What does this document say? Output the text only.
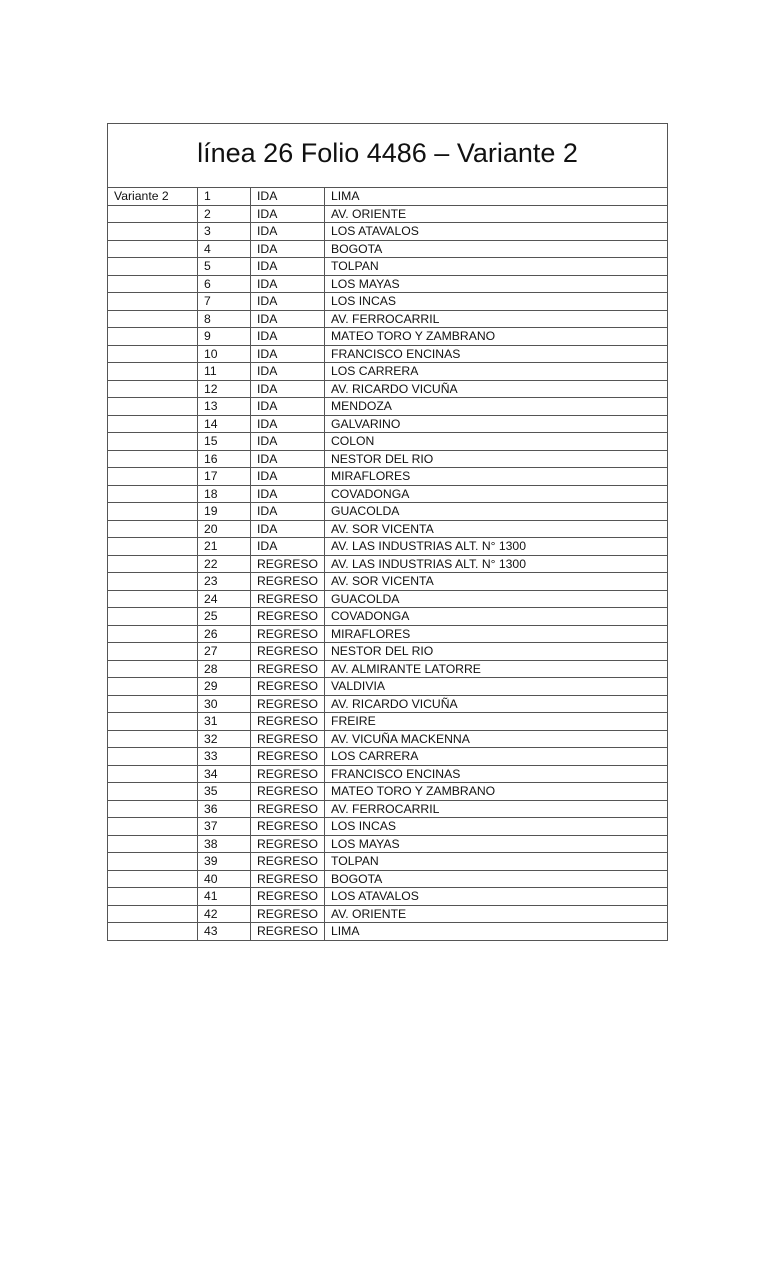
línea 26 Folio 4486 – Variante 2			
Variante 2	1	IDA	LIMA
	2	IDA	AV. ORIENTE
	3	IDA	LOS ATAVALOS
	4	IDA	BOGOTA
	5	IDA	TOLPAN
	6	IDA	LOS MAYAS
	7	IDA	LOS INCAS
	8	IDA	AV. FERROCARRIL
	9	IDA	MATEO TORO Y ZAMBRANO
	10	IDA	FRANCISCO ENCINAS
	11	IDA	LOS CARRERA
	12	IDA	AV. RICARDO VICUÑA
	13	IDA	MENDOZA
	14	IDA	GALVARINO
	15	IDA	COLON
	16	IDA	NESTOR DEL RIO
	17	IDA	MIRAFLORES
	18	IDA	COVADONGA
	19	IDA	GUACOLDA
	20	IDA	AV. SOR VICENTA
	21	IDA	AV. LAS INDUSTRIAS ALT. N° 1300
	22	REGRESO	AV. LAS INDUSTRIAS ALT. N° 1300
	23	REGRESO	AV. SOR VICENTA
	24	REGRESO	GUACOLDA
	25	REGRESO	COVADONGA
	26	REGRESO	MIRAFLORES
	27	REGRESO	NESTOR DEL RIO
	28	REGRESO	AV. ALMIRANTE LATORRE
	29	REGRESO	VALDIVIA
	30	REGRESO	AV. RICARDO VICUÑA
	31	REGRESO	FREIRE
	32	REGRESO	AV. VICUÑA MACKENNA
	33	REGRESO	LOS CARRERA
	34	REGRESO	FRANCISCO ENCINAS
	35	REGRESO	MATEO TORO Y ZAMBRANO
	36	REGRESO	AV. FERROCARRIL
	37	REGRESO	LOS INCAS
	38	REGRESO	LOS MAYAS
	39	REGRESO	TOLPAN
	40	REGRESO	BOGOTA
	41	REGRESO	LOS ATAVALOS
	42	REGRESO	AV. ORIENTE
	43	REGRESO	LIMA
